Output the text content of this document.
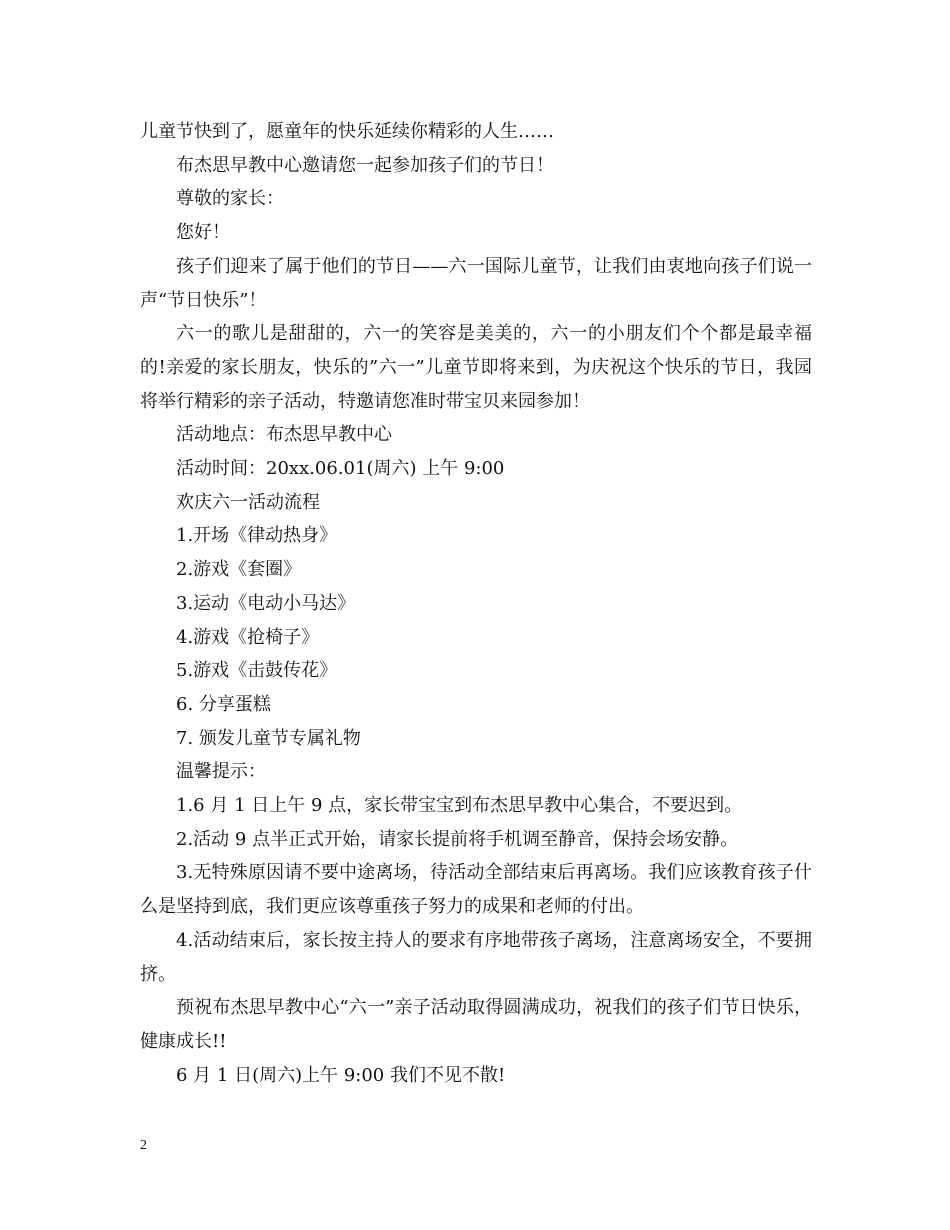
儿童节快到了，愿童年的快乐延续你精彩的人生……

布杰思早教中心邀请您一起参加孩子们的节日！

尊敬的家长：

您好！

孩子们迎来了属于他们的节日——六一国际儿童节，让我们由衷地向孩子们说一声“节日快乐”！

六一的歌儿是甜甜的，六一的笑容是美美的，六一的小朋友们个个都是最幸福的!亲爱的家长朋友，快乐的”六一”儿童节即将来到，为庆祝这个快乐的节日，我园将举行精彩的亲子活动，特邀请您准时带宝贝来园参加！

活动地点：布杰思早教中心

活动时间：20xx.06.01(周六) 上午 9:00

欢庆六一活动流程

1.开场《律动热身》

2.游戏《套圈》

3.运动《电动小马达》

4.游戏《抢椅子》

5.游戏《击鼓传花》

6. 分享蛋糕

7. 颁发儿童节专属礼物

温馨提示：

1.6 月 1 日上午 9 点，家长带宝宝到布杰思早教中心集合，不要迟到。

2.活动 9 点半正式开始，请家长提前将手机调至静音，保持会场安静。

3.无特殊原因请不要中途离场，待活动全部结束后再离场。我们应该教育孩子什么是坚持到底，我们更应该尊重孩子努力的成果和老师的付出。

4.活动结束后，家长按主持人的要求有序地带孩子离场，注意离场安全，不要拥挤。

预祝布杰思早教中心“六一”亲子活动取得圆满成功，祝我们的孩子们节日快乐，健康成长!!

6 月 1 日(周六)上午 9:00 我们不见不散!

2
